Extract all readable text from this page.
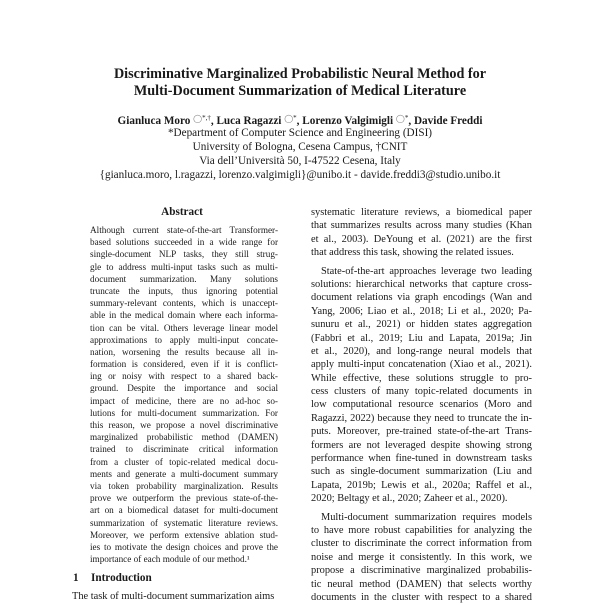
Discriminative Marginalized Probabilistic Neural Method for
Multi-Document Summarization of Medical Literature
Gianluca Moro ◯*,†, Luca Ragazzi ◯*, Lorenzo Valgimigli ◯*, Davide Freddi
*Department of Computer Science and Engineering (DISI)
University of Bologna, Cesena Campus, †CNIT
Via dell’Università 50, I-47522 Cesena, Italy
{gianluca.moro, l.ragazzi, lorenzo.valgimigli}@unibo.it - davide.freddi3@studio.unibo.it
Abstract
Although current state-of-the-art Transformer-
based solutions succeeded in a wide range for
single-document NLP tasks, they still strug-
gle to address multi-input tasks such as multi-
document summarization. Many solutions
truncate the inputs, thus ignoring potential
summary-relevant contents, which is unaccept-
able in the medical domain where each informa-
tion can be vital. Others leverage linear model
approximations to apply multi-input concate-
nation, worsening the results because all in-
formation is considered, even if it is conflict-
ing or noisy with respect to a shared back-
ground. Despite the importance and social
impact of medicine, there are no ad-hoc so-
lutions for multi-document summarization. For
this reason, we propose a novel discriminative
marginalized probabilistic method (DAMEN)
trained to discriminate critical information
from a cluster of topic-related medical docu-
ments and generate a multi-document summary
via token probability marginalization. Results
prove we outperform the previous state-of-the-
art on a biomedical dataset for multi-document
summarization of systematic literature reviews.
Moreover, we perform extensive ablation stud-
ies to motivate the design choices and prove the
importance of each module of our method.¹
1 Introduction
The task of multi-document summarization aims
systematic literature reviews, a biomedical paper
that summarizes results across many studies (Khan
et al., 2003). DeYoung et al. (2021) are the first
that address this task, showing the related issues.
State-of-the-art approaches leverage two leading
solutions: hierarchical networks that capture cross-
document relations via graph encodings (Wan and
Yang, 2006; Liao et al., 2018; Li et al., 2020; Pa-
sunuru et al., 2021) or hidden states aggregation
(Fabbri et al., 2019; Liu and Lapata, 2019a; Jin
et al., 2020), and long-range neural models that
apply multi-input concatenation (Xiao et al., 2021).
While effective, these solutions struggle to pro-
cess clusters of many topic-related documents in
low computational resource scenarios (Moro and
Ragazzi, 2022) because they need to truncate the in-
puts. Moreover, pre-trained state-of-the-art Trans-
formers are not leveraged despite showing strong
performance when fine-tuned in downstream tasks
such as single-document summarization (Liu and
Lapata, 2019b; Lewis et al., 2020a; Raffel et al.,
2020; Beltagy et al., 2020; Zaheer et al., 2020).
Multi-document summarization requires models
to have more robust capabilities for analyzing the
cluster to discriminate the correct information from
noise and merge it consistently. In this work, we
propose a discriminative marginalized probabilis-
tic neural method (DAMEN) that selects worthy
documents in the cluster with respect to a shared
